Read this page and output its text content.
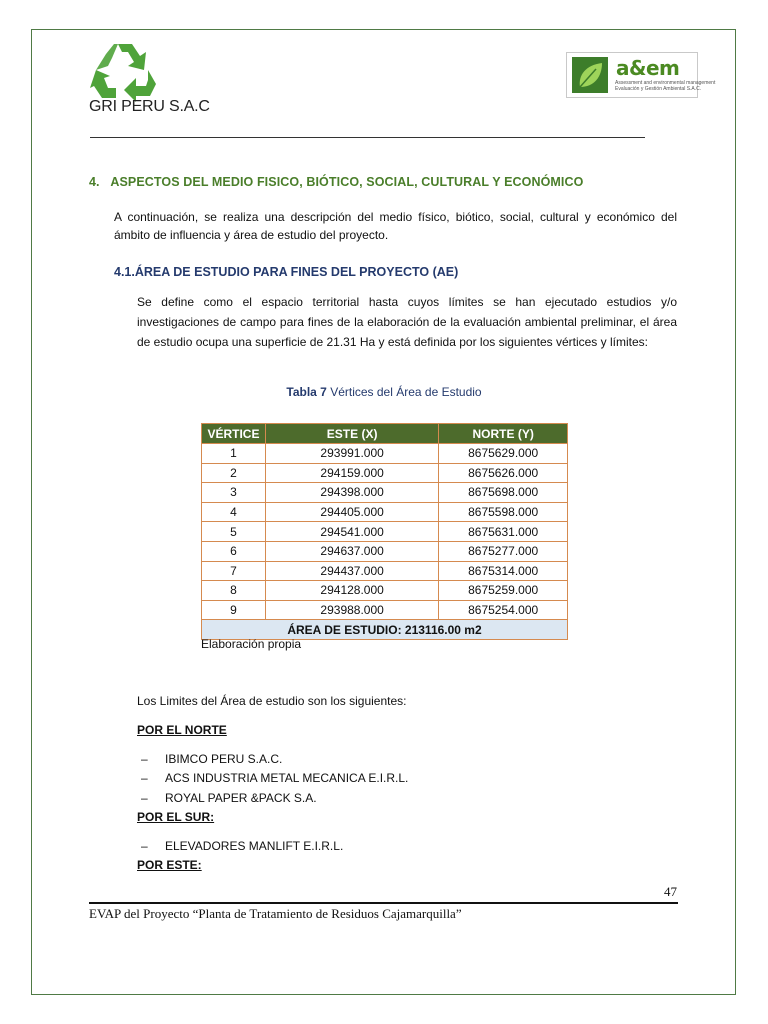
GRI PERU S.A.C
a&em
Assessment and environmental management
Evaluación y Gestión Ambiental S.A.C.
4. ASPECTOS DEL MEDIO FISICO, BIÓTICO, SOCIAL, CULTURAL Y ECONÓMICO
A continuación, se realiza una descripción del medio físico, biótico, social, cultural y económico del ámbito de influencia y área de estudio del proyecto.
4.1.ÁREA DE ESTUDIO PARA FINES DEL PROYECTO (AE)
Se define como el espacio territorial hasta cuyos límites se han ejecutado estudios y/o investigaciones de campo para fines de la elaboración de la evaluación ambiental preliminar, el área de estudio ocupa una superficie de 21.31 Ha y está definida por los siguientes vértices y límites:
Tabla 7 Vértices del Área de Estudio
VÉRTICE	ESTE (X)	NORTE (Y)
1	293991.000	8675629.000
2	294159.000	8675626.000
3	294398.000	8675698.000
4	294405.000	8675598.000
5	294541.000	8675631.000
6	294637.000	8675277.000
7	294437.000	8675314.000
8	294128.000	8675259.000
9	293988.000	8675254.000
ÁREA DE ESTUDIO: 213116.00 m2		
Elaboración propia
Los Limites del Área de estudio son los siguientes:
POR EL NORTE
– IBIMCO PERU S.A.C.
– ACS INDUSTRIA METAL MECANICA E.I.R.L.
– ROYAL PAPER &PACK S.A.
POR EL SUR:
– ELEVADORES MANLIFT E.I.R.L.
POR ESTE:
47
EVAP del Proyecto “Planta de Tratamiento de Residuos Cajamarquilla”
